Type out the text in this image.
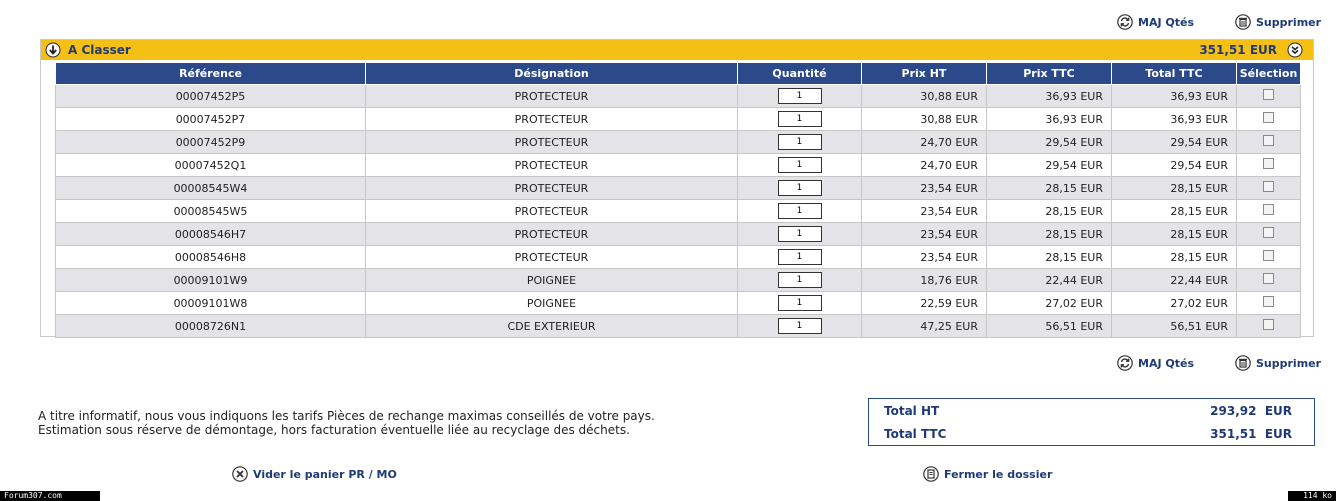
MAJ Qtés	Supprimer
A Classer	351,51 EUR
Référence	Désignation	Quantité	Prix HT	Prix TTC	Total TTC	Sélection
00007452P5	PROTECTEUR	1	30,88 EUR	36,93 EUR	36,93 EUR	
00007452P7	PROTECTEUR	1	30,88 EUR	36,93 EUR	36,93 EUR	
00007452P9	PROTECTEUR	1	24,70 EUR	29,54 EUR	29,54 EUR	
00007452Q1	PROTECTEUR	1	24,70 EUR	29,54 EUR	29,54 EUR	
00008545W4	PROTECTEUR	1	23,54 EUR	28,15 EUR	28,15 EUR	
00008545W5	PROTECTEUR	1	23,54 EUR	28,15 EUR	28,15 EUR	
00008546H7	PROTECTEUR	1	23,54 EUR	28,15 EUR	28,15 EUR	
00008546H8	PROTECTEUR	1	23,54 EUR	28,15 EUR	28,15 EUR	
00009101W9	POIGNEE	1	18,76 EUR	22,44 EUR	22,44 EUR	
00009101W8	POIGNEE	1	22,59 EUR	27,02 EUR	27,02 EUR	
00008726N1	CDE EXTERIEUR	1	47,25 EUR	56,51 EUR	56,51 EUR	
MAJ Qtés	Supprimer
A titre informatif, nous vous indiquons les tarifs Pièces de rechange maximas conseillés de votre pays.
Estimation sous réserve de démontage, hors facturation éventuelle liée au recyclage des déchets.
Total HT	293,92  EUR
Total TTC	351,51  EUR
Vider le panier PR / MO	Fermer le dossier
Forum307.com	114 ko
